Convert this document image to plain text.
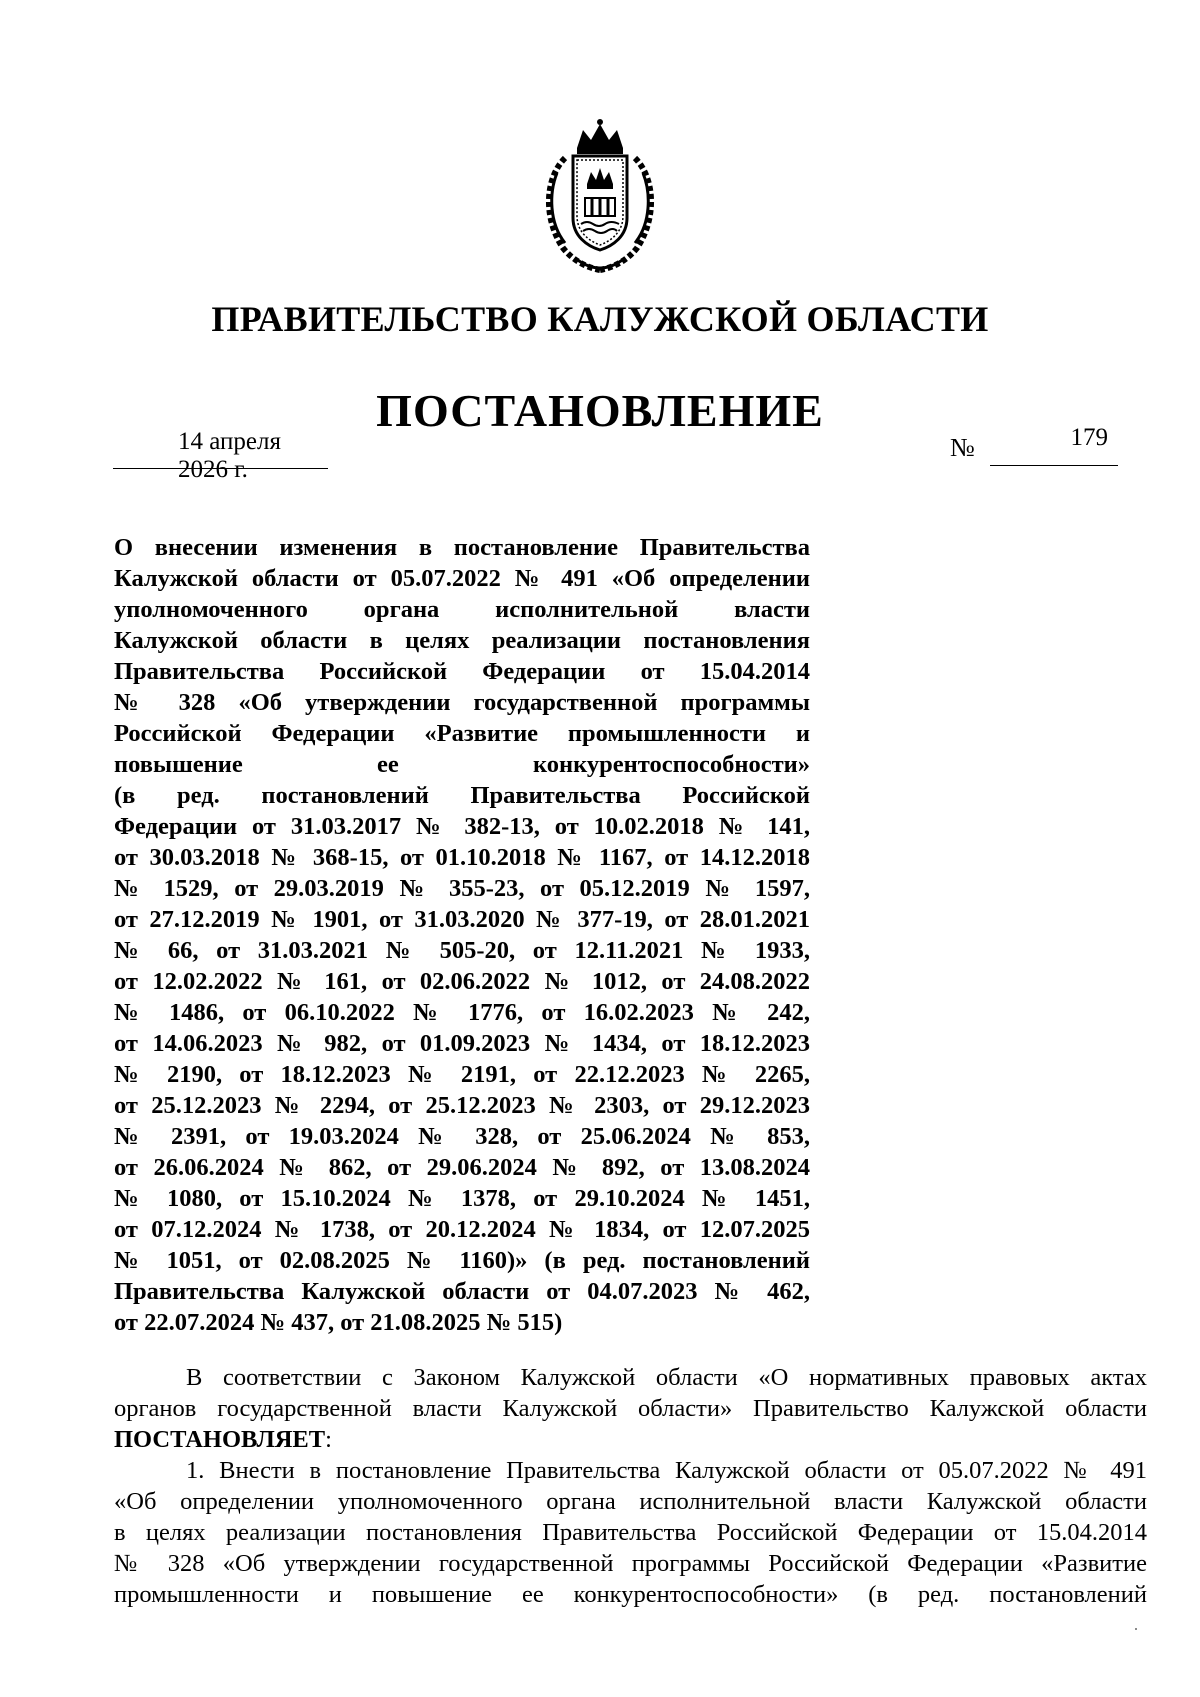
ПРАВИТЕЛЬСТВО КАЛУЖСКОЙ ОБЛАСТИ
ПОСТАНОВЛЕНИЕ
14 апреля 2026 г.
№	179
О внесении изменения в постановление Правительства
Калужской области от 05.07.2022 № 491 «Об определении
уполномоченного органа исполнительной власти
Калужской области в целях реализации постановления
Правительства Российской Федерации от 15.04.2014
№ 328 «Об утверждении государственной программы
Российской Федерации «Развитие промышленности и
повышение ее конкурентоспособности»
(в ред. постановлений Правительства Российской
Федерации от 31.03.2017 № 382-13, от 10.02.2018 № 141,
от 30.03.2018 № 368-15, от 01.10.2018 № 1167, от 14.12.2018
№ 1529, от 29.03.2019 № 355-23, от 05.12.2019 № 1597,
от 27.12.2019 № 1901, от 31.03.2020 № 377-19, от 28.01.2021
№ 66, от 31.03.2021 № 505-20, от 12.11.2021 № 1933,
от 12.02.2022 № 161, от 02.06.2022 № 1012, от 24.08.2022
№ 1486, от 06.10.2022 № 1776, от 16.02.2023 № 242,
от 14.06.2023 № 982, от 01.09.2023 № 1434, от 18.12.2023
№ 2190, от 18.12.2023 № 2191, от 22.12.2023 № 2265,
от 25.12.2023 № 2294, от 25.12.2023 № 2303, от 29.12.2023
№ 2391, от 19.03.2024 № 328, от 25.06.2024 № 853,
от 26.06.2024 № 862, от 29.06.2024 № 892, от 13.08.2024
№ 1080, от 15.10.2024 № 1378, от 29.10.2024 № 1451,
от 07.12.2024 № 1738, от 20.12.2024 № 1834, от 12.07.2025
№ 1051, от 02.08.2025 № 1160)» (в ред. постановлений
Правительства Калужской области от 04.07.2023 № 462,
от 22.07.2024 № 437, от 21.08.2025 № 515)
В соответствии с Законом Калужской области «О нормативных правовых актах
органов государственной власти Калужской области» Правительство Калужской области
ПОСТАНОВЛЯЕТ:
1. Внести в постановление Правительства Калужской области от 05.07.2022 № 491
«Об определении уполномоченного органа исполнительной власти Калужской области
в целях реализации постановления Правительства Российской Федерации от 15.04.2014
№ 328 «Об утверждении государственной программы Российской Федерации «Развитие
промышленности и повышение ее конкурентоспособности» (в ред. постановлений
